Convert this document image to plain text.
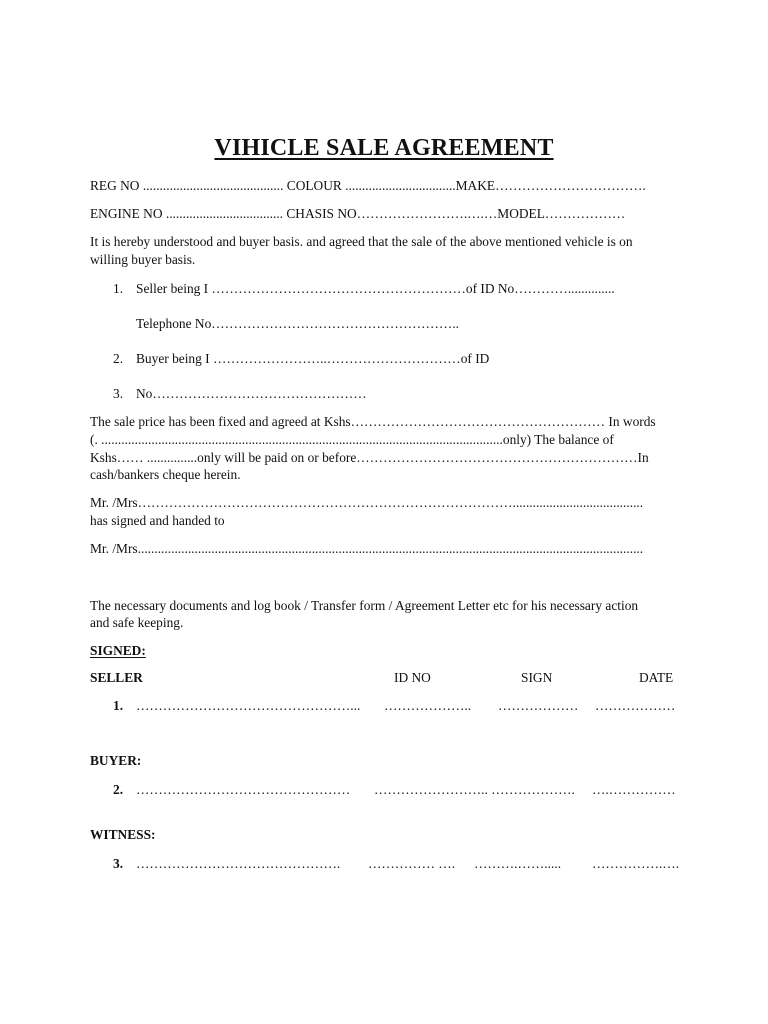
VIHICLE SALE AGREEMENT
REG NO .......................................... COLOUR .................................MAKE…………………………….
ENGINE NO ................................... CHASIS NO…………………….….…MODEL………………
It is hereby understood and buyer basis. and agreed that the sale of the above mentioned vehicle is on
willing buyer basis.
1. Seller being I …………………………………………………of ID No…………..............
Telephone No………………………………………………..
2. Buyer being I ……………………..…………………………of ID
3. No…………………………………………
The sale price has been fixed and agreed at Kshs………………………………………………… In words
(. ........................................................................................................................only) The balance of
Kshs…… ...............only will be paid on or before………………………………………………………In
cash/bankers cheque herein.
Mr. /Mrs………………………………………………………………………….......................................
has signed and handed to
Mr. /Mrs.......................................................................................................................................................
The necessary documents and log book / Transfer form / Agreement Letter etc for his necessary action
and safe keeping.
SIGNED:
SELLER	ID NO	SIGN	DATE
1. …………………………………………... ……………….. ……………… ………………
BUYER:
2. ………………………………………… …………………….. ………………. ….……………
WITNESS:
3. ………………………………………. …………… …. ……….……..... …………….….
